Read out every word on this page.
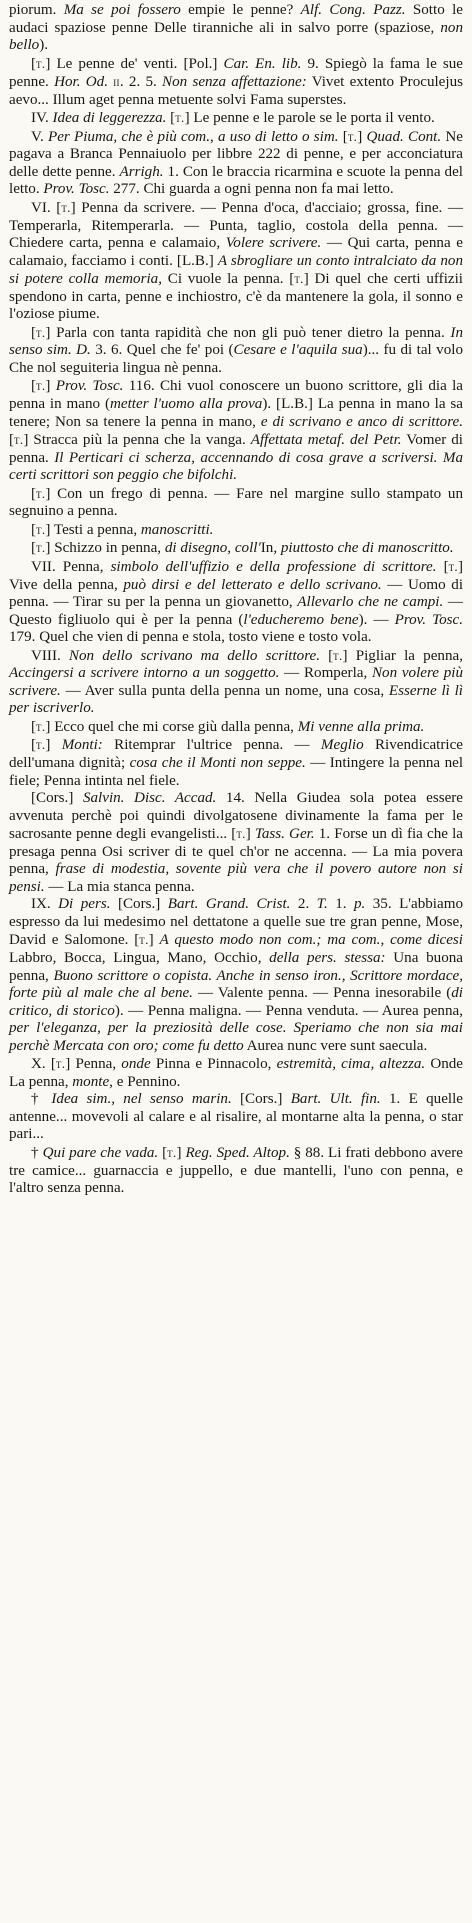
piorum. Ma se poi fossero empie le penne? Alf. Cong. Pazz. Sotto le audaci spaziose penne Delle tiranniche ali in salvo porre (spaziose, non bello).

[t.] Le penne de' venti. [Pol.] Car. En. lib. 9. Spiegò la fama le sue penne. Hor. Od. ii. 2. 5. Non senza affettazione: Vivet extento Proculejus aevo... Illum aget penna metuente solvi Fama superstes.

IV. Idea di leggerezza. [t.] Le penne e le parole se le porta il vento.

V. Per Piuma, che è più com., a uso di letto o sim. [t.] Quad. Cont. Ne pagava a Branca Pennaiuolo per libbre 222 di penne, e per acconciatura delle dette penne. Arrigh. 1. Con le braccia ricarmina e scuote la penna del letto. Prov. Tosc. 277. Chi guarda a ogni penna non fa mai letto.

VI. [t.] Penna da scrivere. — Penna d'oca, d'acciaio; grossa, fine. — Temperarla, Ritemperarla. — Punta, taglio, costola della penna. — Chiedere carta, penna e calamaio, Volere scrivere. — Qui carta, penna e calamaio, facciamo i conti. [L.B.] A sbrogliare un conto intralciato da non si potere colla memoria, Ci vuole la penna. [t.] Di quel che certi uffizii spendono in carta, penne e inchiostro, c'è da mantenere la gola, il sonno e l'oziose piume.

[t.] Parla con tanta rapidità che non gli può tener dietro la penna. In senso sim. D. 3. 6. Quel che fe' poi (Cesare e l'aquila sua)... fu di tal volo Che nol seguiteria lingua nè penna.

[t.] Prov. Tosc. 116. Chi vuol conoscere un buono scrittore, gli dia la penna in mano (metter l'uomo alla prova). [L.B.] La penna in mano la sa tenere; Non sa tenere la penna in mano, e di scrivano e anco di scrittore. [t.] Stracca più la penna che la vanga. Affettata metaf. del Petr. Vomer di penna. Il Perticari ci scherza, accennando di cosa grave a scriversi. Ma certi scrittori son peggio che bifolchi.

[t.] Con un frego di penna. — Fare nel margine sullo stampato un segnuino a penna.

[t.] Testi a penna, manoscritti.

[t.] Schizzo in penna, di disegno, coll'In, piuttosto che di manoscritto.

VII. Penna, simbolo dell'uffizio e della professione di scrittore. [t.] Vive della penna, può dirsi e del letterato e dello scrivano. — Uomo di penna. — Tirar su per la penna un giovanetto, Allevarlo che ne campi. — Questo figliuolo qui è per la penna (l'educheremo bene). — Prov. Tosc. 179. Quel che vien di penna e stola, tosto viene e tosto vola.

VIII. Non dello scrivano ma dello scrittore. [t.] Pigliar la penna, Accingersi a scrivere intorno a un soggetto. — Romperla, Non volere più scrivere. — Aver sulla punta della penna un nome, una cosa, Esserne lì lì per iscriverlo.

[t.] Ecco quel che mi corse giù dalla penna, Mi venne alla prima.

[t.] Monti: Ritemprar l'ultrice penna. — Meglio Rivendicatrice dell'umana dignità; cosa che il Monti non seppe. — Intingere la penna nel fiele; Penna intinta nel fiele.

[Cors.] Salvin. Disc. Accad. 14. Nella Giudea sola potea essere avvenuta perchè poi quindi divolgatosene divinamente la fama per le sacrosante penne degli evangelisti... [t.] Tass. Ger. 1. Forse un dì fia che la presaga penna Osi scriver di te quel ch'or ne accenna. — La mia povera penna, frase di modestia, sovente più vera che il povero autore non si pensi. — La mia stanca penna.

IX. Di pers. [Cors.] Bart. Grand. Crist. 2. T. 1. p. 35. L'abbiamo espresso da lui medesimo nel dettatone a quelle sue tre gran penne, Mose, David e Salomone. [t.] A questo modo non com.; ma com., come dicesi Labbro, Bocca, Lingua, Mano, Occhio, della pers. stessa: Una buona penna, Buono scrittore o copista. Anche in senso iron., Scrittore mordace, forte più al male che al bene. — Valente penna. — Penna inesorabile (di critico, di storico). — Penna maligna. — Penna venduta. — Aurea penna, per l'eleganza, per la preziosità delle cose. Speriamo che non sia mai perchè Mercata con oro; come fu detto Aurea nunc vere sunt saecula.

X. [t.] Penna, onde Pinna e Pinnacolo, estremità, cima, altezza. Onde La penna, monte, e Pennino.

† Idea sim., nel senso marin. [Cors.] Bart. Ult. fin. 1. E quelle antenne... movevoli al calare e al risalire, al montarne alta la penna, o star pari...

† Qui pare che vada. [t.] Reg. Sped. Altop. § 88. Li frati debbono avere tre camice... guarnaccia e juppello, e due mantelli, l'uno con penna, e l'altro senza penna.
